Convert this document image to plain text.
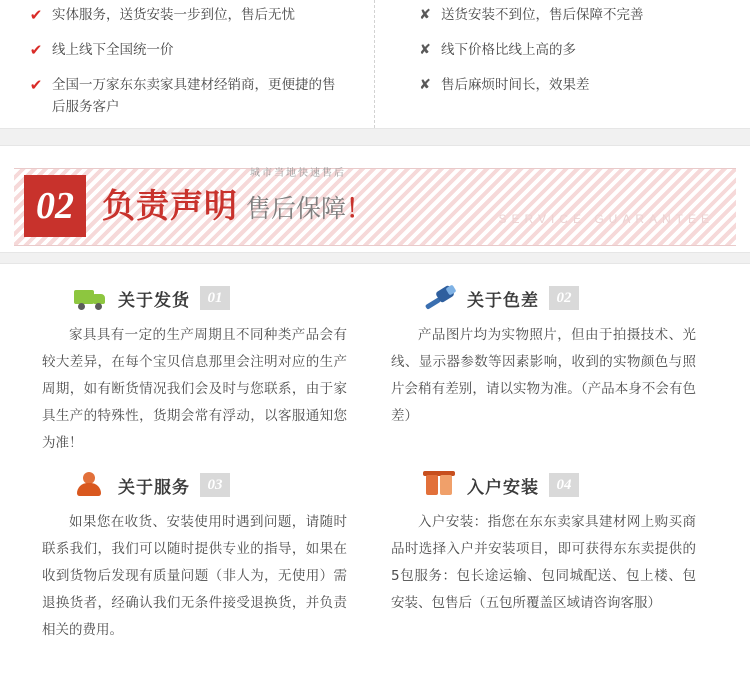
✔ 实体服务，送货安装一步到位，售后无忧
✔ 线上线下全国统一价
✔ 全国一万家东东卖家具建材经销商，更便捷的售后服务客户
✘ 送货安装不到位，售后保障不完善
✘ 线下价格比线上高的多
✘ 售后麻烦时间长，效果差
02 负责声明
城市当地快速售后
售后保障！	SERVICE GUARANTEE
关于发货	01
家具具有一定的生产周期且不同种类产品会有较大差异，在每个宝贝信息那里会注明对应的生产周期，如有断货情况我们会及时与您联系，由于家具生产的特殊性，货期会常有浮动，以客服通知您为准！
关于色差	02
产品图片均为实物照片，但由于拍摄技术、光线、显示器参数等因素影响，收到的实物颜色与照片会稍有差别，请以实物为准。（产品本身不会有色差）
关于服务	03
如果您在收货、安装使用时遇到问题，请随时联系我们，我们可以随时提供专业的指导，如果在收到货物后发现有质量问题（非人为，无使用）需退换货者，经确认我们无条件接受退换货，并负责相关的费用。
入户安装	04
入户安装：指您在东东卖家具建材网上购买商品时选择入户并安装项目，即可获得东东卖提供的5包服务：包长途运输、包同城配送、包上楼、包安装、包售后（五包所覆盖区域请咨询客服）
